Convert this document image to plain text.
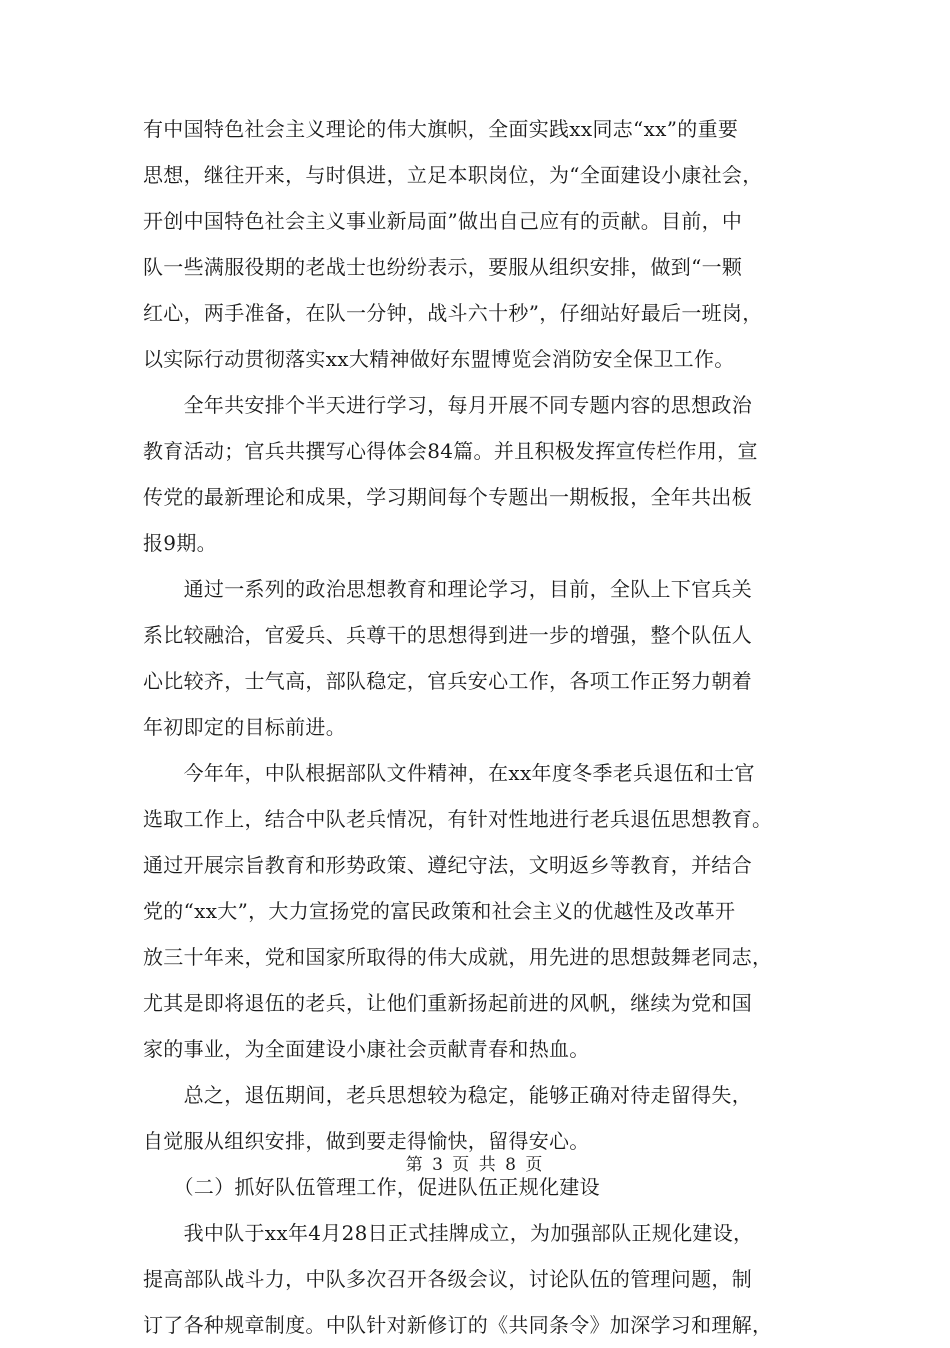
有中国特色社会主义理论的伟大旗帜，全面实践xx同志“xx”的重要
思想，继往开来，与时俱进，立足本职岗位，为“全面建设小康社会，
开创中国特色社会主义事业新局面”做出自己应有的贡献。目前，中
队一些满服役期的老战士也纷纷表示，要服从组织安排，做到“一颗
红心，两手准备，在队一分钟，战斗六十秒”，仔细站好最后一班岗，
以实际行动贯彻落实xx大精神做好东盟博览会消防安全保卫工作。
　　全年共安排个半天进行学习，每月开展不同专题内容的思想政治
教育活动；官兵共撰写心得体会84篇。并且积极发挥宣传栏作用，宣
传党的最新理论和成果，学习期间每个专题出一期板报，全年共出板
报9期。
　　通过一系列的政治思想教育和理论学习，目前，全队上下官兵关
系比较融洽，官爱兵、兵尊干的思想得到进一步的增强，整个队伍人
心比较齐，士气高，部队稳定，官兵安心工作，各项工作正努力朝着
年初即定的目标前进。
　　今年年，中队根据部队文件精神，在xx年度冬季老兵退伍和士官
选取工作上，结合中队老兵情况，有针对性地进行老兵退伍思想教育。
通过开展宗旨教育和形势政策、遵纪守法，文明返乡等教育，并结合
党的“xx大”，大力宣扬党的富民政策和社会主义的优越性及改革开
放三十年来，党和国家所取得的伟大成就，用先进的思想鼓舞老同志，
尤其是即将退伍的老兵，让他们重新扬起前进的风帆，继续为党和国
家的事业，为全面建设小康社会贡献青春和热血。
　　总之，退伍期间，老兵思想较为稳定，能够正确对待走留得失，
自觉服从组织安排，做到要走得愉快，留得安心。
　　（二）抓好队伍管理工作，促进队伍正规化建设
　　我中队于xx年4月28日正式挂牌成立，为加强部队正规化建设，
提高部队战斗力，中队多次召开各级会议，讨论队伍的管理问题，制
订了各种规章制度。中队针对新修订的《共同条令》加深学习和理解，
第 3 页 共 8 页
